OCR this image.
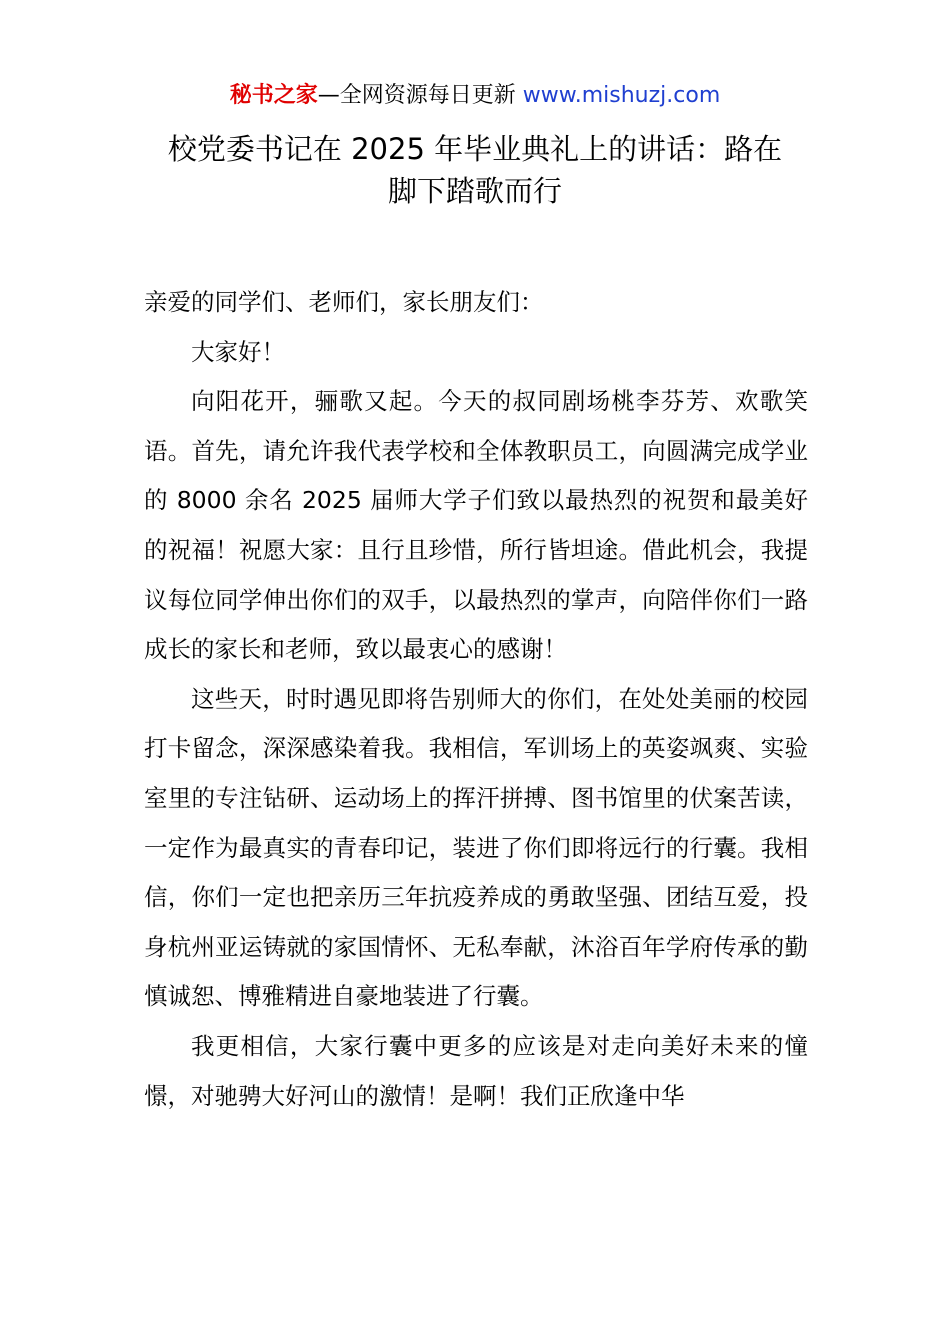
秘书之家—全网资源每日更新 www.mishuzj.com
校党委书记在 2025 年毕业典礼上的讲话：路在
脚下踏歌而行

亲爱的同学们、老师们，家长朋友们：

大家好！

向阳花开，骊歌又起。今天的叔同剧场桃李芬芳、欢歌笑语。首先，请允许我代表学校和全体教职员工，向圆满完成学业的 8000 余名 2025 届师大学子们致以最热烈的祝贺和最美好的祝福！祝愿大家：且行且珍惜，所行皆坦途。借此机会，我提议每位同学伸出你们的双手，以最热烈的掌声，向陪伴你们一路成长的家长和老师，致以最衷心的感谢！

这些天，时时遇见即将告别师大的你们，在处处美丽的校园打卡留念，深深感染着我。我相信，军训场上的英姿飒爽、实验室里的专注钻研、运动场上的挥汗拼搏、图书馆里的伏案苦读，一定作为最真实的青春印记，装进了你们即将远行的行囊。我相信，你们一定也把亲历三年抗疫养成的勇敢坚强、团结互爱，投身杭州亚运铸就的家国情怀、无私奉献，沐浴百年学府传承的勤慎诚恕、博雅精进自豪地装进了行囊。

我更相信，大家行囊中更多的应该是对走向美好未来的憧憬，对驰骋大好河山的激情！是啊！我们正欣逢中华
